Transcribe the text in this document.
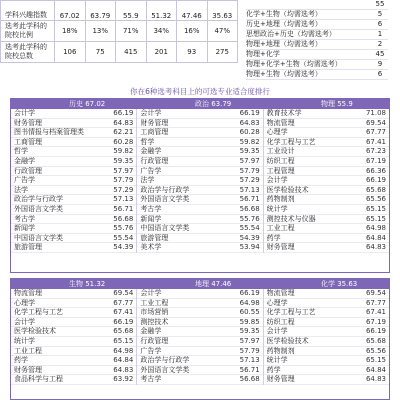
学科兴趣指数	67.02	63.79	55.9	51.32	47.46	35.63
选考此学科的院校比例	18%	13%	71%	34%	16%	47%
选考此学科的院校总数	106	75	415	201	93	275
	55
化学+生物（均需选考）	5
历史+地理（均需选考）	6
思想政治+历史（均需选考）	1
物理+地理（均需选考）	2
物理+化学	45
物理+化学+生物（均需选考）	9
物理+生物（均需选考）	6
你在6种选考科目上的可选专业适合度排行
历史 67.02	政治 63.79	物理 55.9
会计学	66.19
财务管理	64.83
图书情报与档案管理类	62.21
工商管理	60.28
哲学	59.82
金融学	59.35
行政管理	57.97
广告学	57.79
法学	57.29
政治学与行政学	57.13
外国语言文学类	56.71
考古学	56.68
新闻学	55.76
中国语言文学类	55.54
旅游管理	54.39
会计学	66.19
财务管理	64.83
工商管理	60.28
哲学	59.82
金融学	59.35
行政管理	57.97
广告学	57.79
法学	57.29
政治学与行政学	57.13
外国语言文学类	56.71
考古学	56.68
新闻学	55.76
中国语言文学类	55.54
旅游管理	54.39
美术学	53.94
教育技术学	71.08
物流管理	69.54
心理学	67.77
化学工程与工艺	67.41
工业设计	67.23
纺织工程	67.19
工程管理	66.36
会计学	66.19
医学检验技术	65.68
药物制剂	65.56
统计学	65.15
测控技术与仪器	65.15
工业工程	64.98
药学	64.84
财务管理	64.83
生物 51.32	地理 47.46	化学 35.63
物流管理	69.54
心理学	67.77
化学工程与工艺	67.41
会计学	66.19
医学检验技术	65.68
统计学	65.15
工业工程	64.98
药学	64.84
财务管理	64.83
食品科学与工程	63.92
会计学	66.19
工业工程	64.98
市场营销	60.55
测控技术	59.85
金融学	59.35
行政管理	57.97
广告学	57.79
政治学与行政学	57.13
外国语言文学类	56.71
考古学	56.68
物流管理	69.54
心理学	67.77
化学工程与工艺	67.41
纺织工程	67.19
会计学	66.19
医学检验技术	65.68
药物制剂	65.56
统计学	65.15
药学	64.84
财务管理	64.83
